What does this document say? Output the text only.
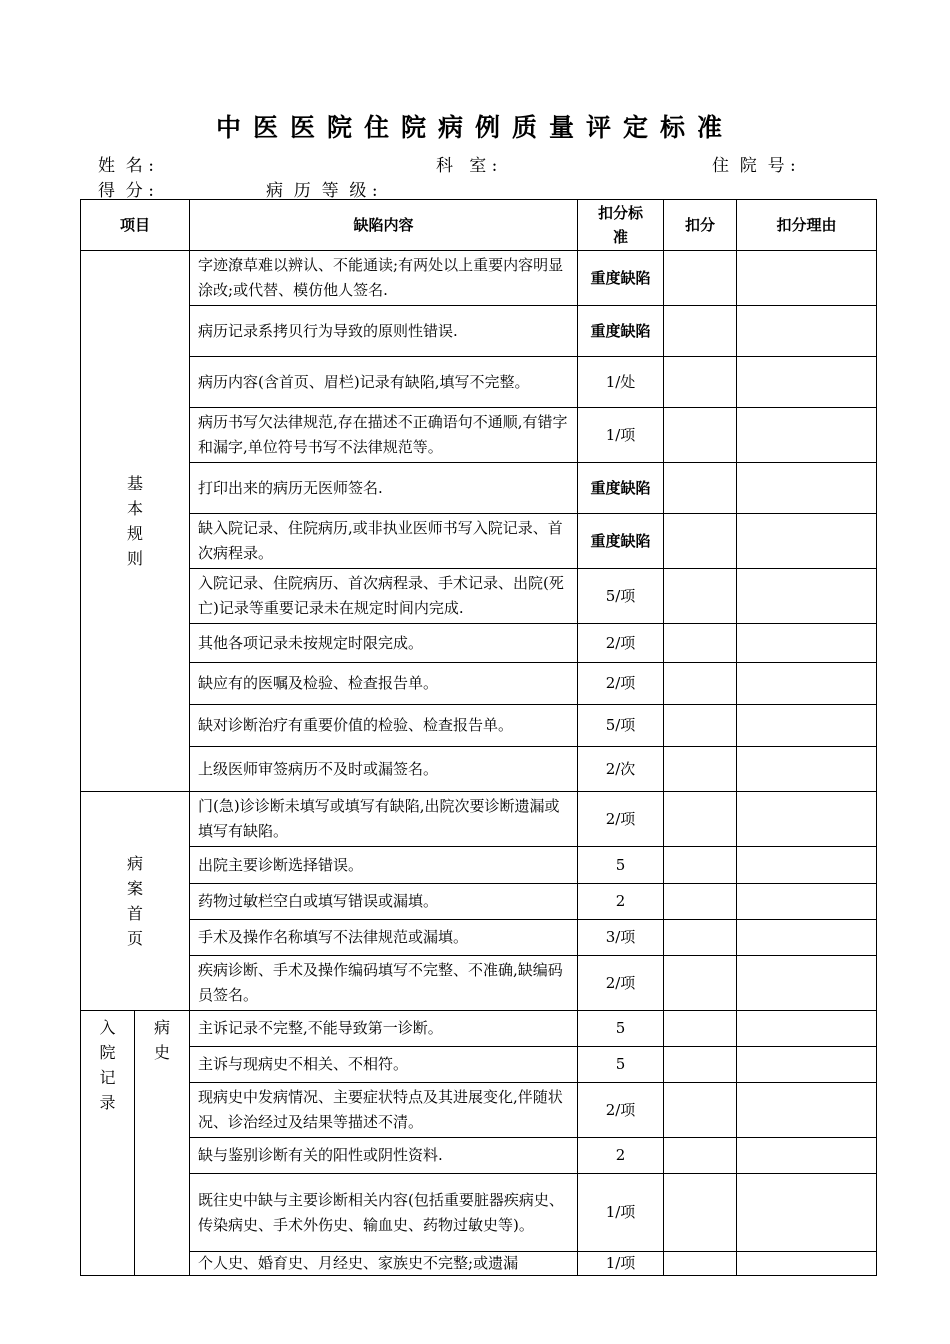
中医医院住院病例质量评定标准
姓  名 :	科   室 :	住  院  号 :
得  分 :	病  历  等  级 :
项目		缺陷内容	扣分标准	扣分	扣分理由

基
本
规
则		字迹潦草难以辨认、不能通读;有两处以上重要内容明显涂改;或代替、模仿他人签名.	重度缺陷		
		病历记录系拷贝行为导致的原则性错误.	重度缺陷		
		病历内容(含首页、眉栏)记录有缺陷,填写不完整。	1/处		
		病历书写欠法律规范,存在描述不正确语句不通顺,有错字和漏字,单位符号书写不法律规范等。	1/项		
		打印出来的病历无医师签名.	重度缺陷		
		缺入院记录、住院病历,或非执业医师书写入院记录、首次病程录。	重度缺陷		
		入院记录、住院病历、首次病程录、手术记录、出院(死亡)记录等重要记录未在规定时间内完成.	5/项		
		其他各项记录未按规定时限完成。	2/项		
		缺应有的医嘱及检验、检查报告单。	2/项		
		缺对诊断治疗有重要价值的检验、检查报告单。	5/项		
		上级医师审签病历不及时或漏签名。	2/次		

病
案
首
页		门(急)诊诊断未填写或填写有缺陷,出院次要诊断遗漏或填写有缺陷。	2/项		
		出院主要诊断选择错误。	5		
		药物过敏栏空白或填写错误或漏填。	2		
		手术及操作名称填写不法律规范或漏填。	3/项		
		疾病诊断、手术及操作编码填写不完整、不准确,缺编码员签名。	2/项		

入
院
记
录	病
史	主诉记录不完整,不能导致第一诊断。	5		
		主诉与现病史不相关、不相符。	5		
		现病史中发病情况、主要症状特点及其进展变化,伴随状况、诊治经过及结果等描述不清。	2/项		
		缺与鉴别诊断有关的阳性或阴性资料.	2		
		既往史中缺与主要诊断相关内容(包括重要脏器疾病史、传染病史、手术外伤史、输血史、药物过敏史等)。	1/项		
		个人史、婚育史、月经史、家族史不完整;或遗漏	1/项		
